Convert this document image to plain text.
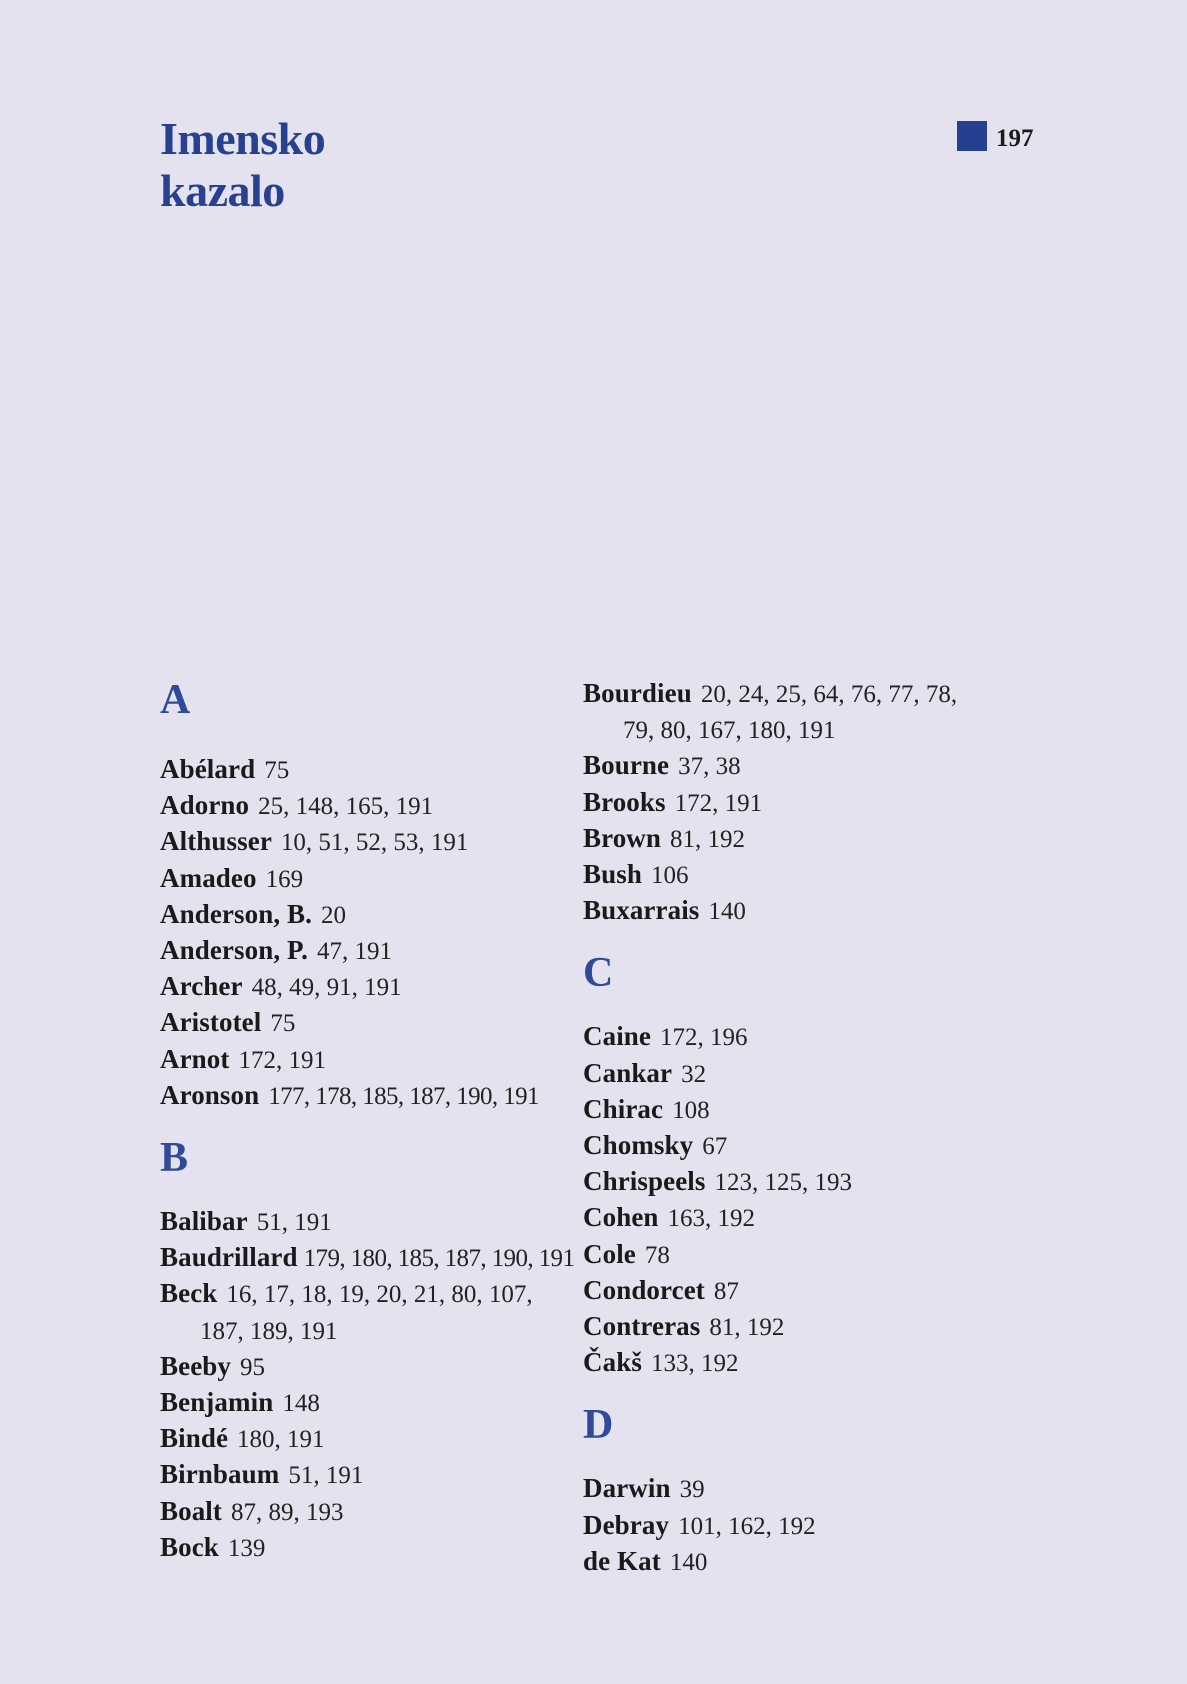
Imensko
kazalo
197
A
Abélard 75
Adorno 25, 148, 165, 191
Althusser 10, 51, 52, 53, 191
Amadeo 169
Anderson, B. 20
Anderson, P. 47, 191
Archer 48, 49, 91, 191
Aristotel 75
Arnot 172, 191
Aronson 177, 178, 185, 187, 190, 191
B
Balibar 51, 191
Baudrillard 179, 180, 185, 187, 190, 191
Beck 16, 17, 18, 19, 20, 21, 80, 107,
187, 189, 191
Beeby 95
Benjamin 148
Bindé 180, 191
Birnbaum 51, 191
Boalt 87, 89, 193
Bock 139
Bourdieu 20, 24, 25, 64, 76, 77, 78,
79, 80, 167, 180, 191
Bourne 37, 38
Brooks 172, 191
Brown 81, 192
Bush 106
Buxarrais 140
C
Caine 172, 196
Cankar 32
Chirac 108
Chomsky 67
Chrispeels 123, 125, 193
Cohen 163, 192
Cole 78
Condorcet 87
Contreras 81, 192
Čakš 133, 192
D
Darwin 39
Debray 101, 162, 192
de Kat 140
